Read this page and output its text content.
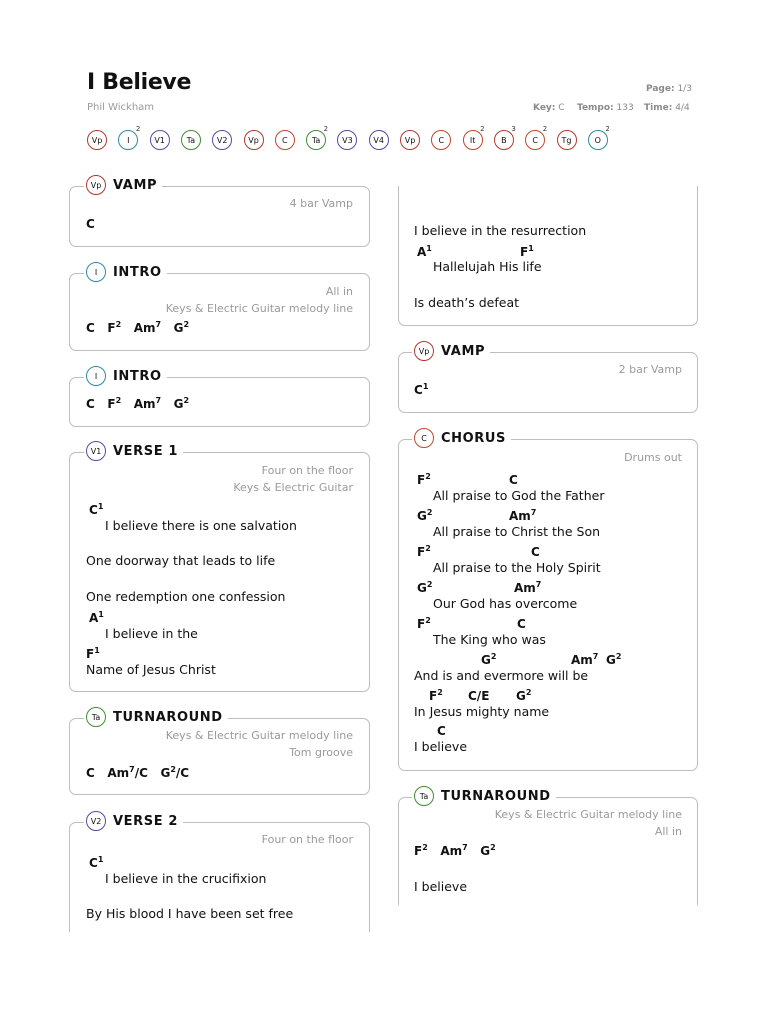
I Believe
Phil Wickham
Page: 1/3
Key: C Tempo: 133 Time: 4/4
Vp	I
2
V1	Ta	V2	Vp	C	Ta
2
V3	V4	Vp	C	It
2
B
3
C
2
Tg	O
2
Vp VAMP
4 bar Vamp
C
I	INTRO
All in
Keys & Electric Guitar melody line
C $F^2$ Am$^7$ $G^2$
I	INTRO
C $F^2$ Am$^7$ $G^2$
V1 VERSE 1
Four on the floor
Keys & Electric Guitar
$C^1$
I believe there is one salvation
One doorway that leads to life
One redemption one confession
$A^1$
I believe in the
$F^1$
Name of Jesus Christ
Ta TURNAROUND
Keys & Electric Guitar melody line
Tom groove
C Am$^7$/C $G^2/C$
V2 VERSE 2
Four on the floor
$C^1$
I believe in the crucifixion
By His blood I have been set free
I believe in the resurrection
$A^1$	$F^1$
Hallelujah His life
Is death’s defeat
Vp VAMP
2 bar Vamp
$C^1$
C	CHORUS
Drums out
$F^2$	C
All praise to God the Father
$G^2$	Am$^7$
All praise to Christ the Son
$F^2$	C
All praise to the Holy Spirit
$G^2$	Am$^7$
Our God has overcome
$F^2$	C
The King who was
$G^2$	Am$^7$ $G^2$
And is and evermore will be
$F^2$ C/E $G^2$
In Jesus mighty name
C
I believe
Ta TURNAROUND
Keys & Electric Guitar melody line
All in
$F^2$ Am$^7$ $G^2$
I believe
